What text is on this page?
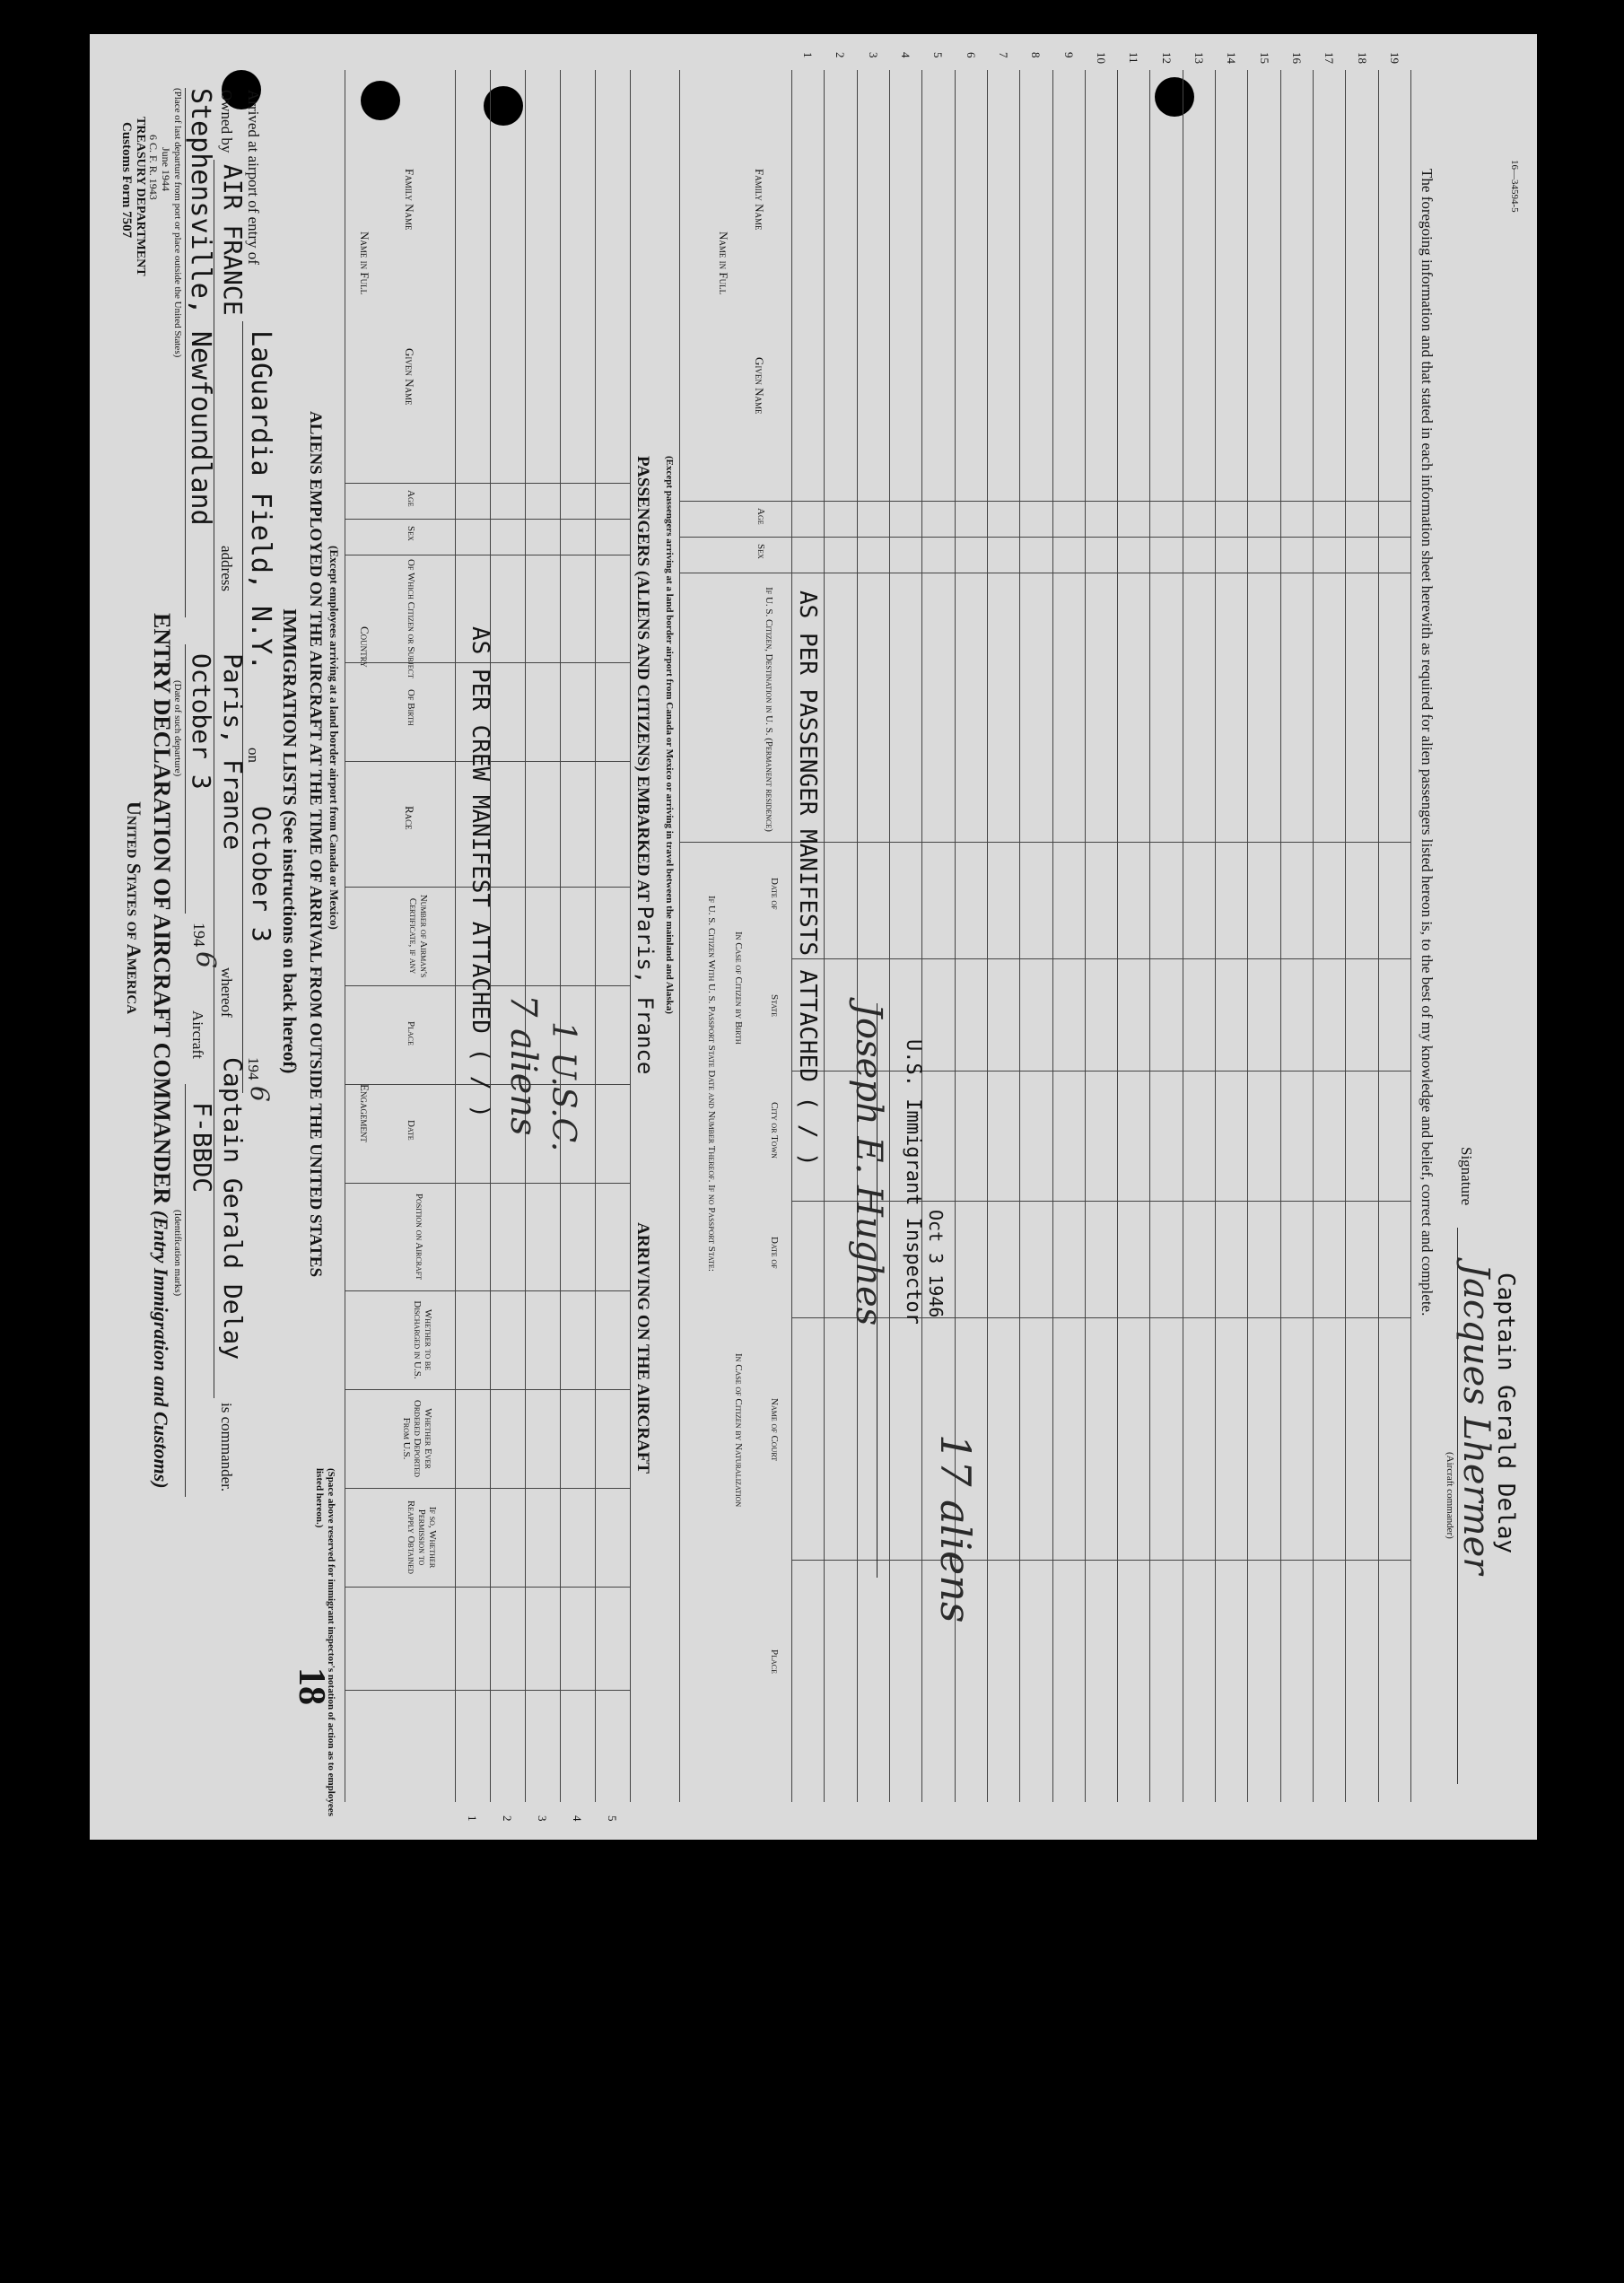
Customs Form 7507 TREASURY DEPARTMENT 6 C. F. R. 1943 June 1944
United States of America ENTRY DECLARATION OF AIRCRAFT COMMANDER (Entry Immigration and Customs)
Stephensville, Newfoundland
(Place of last departure from port or place outside the United States)
October 3
(Date of such departure)
194
6
Aircraft
F-BBDC
(Identification marks)
Owned by
AIR FRANCE
address
Paris, France
whereof
Captain Gerald Delay
is commander.
Arrived at airport of entry of
LaGuardia Field, N.Y.
on
October 3
194
6
IMMIGRATION LISTS (See instructions on back hereof) ALIENS EMPLOYED ON THE AIRCRAFT AT THE TIME OF ARRIVAL FROM OUTSIDE THE UNITED STATES (Except employees arriving at a land border airport from Canada or Mexico)
(Space above reserved for immigrant inspector's notation of action as to employees listed hereon.)
Name in Full
Family Name
Given Name
Age
Sex
Country	Of Which Citizen or Subject
Of Birth
Race
Number of Airman's Certificate, if any
Engagement
Place
Date
Position on Aircraft
Whether to be Discharged in U.S.
Whether Ever Ordered Deported From U.S.
If so, Whether Permission to Reapply Obtained
1 2 3 4 5
AS PER CREW MANIFEST ATTACHED ( / ) 7 aliens 1 U.S.C.
18
PASSENGERS (ALIENS AND CITIZENS) EMBARKED AT Paris, France ARRIVING ON THE AIRCRAFT
(Except passengers arriving at a land border airport from Canada or Mexico or arriving in travel between the mainland and Alaska)
Name in Full
Family Name
Given Name
Age
Sex
If U. S. Citizen, Destination in U. S. (Permanent residence)
If U. S. Citizen With U. S. Passport State Date and Number Thereof. If no Passport State: In Case of Citizen by Birth
In Case of Citizen by Naturalization
Date of
State
City or Town
Date of
Name of Court
Place
1 2 3 4 5 6 7 8 9 10 11 12 13 14 15 16 17 18 19
AS PER PASSENGER MANIFESTS ATTACHED ( / ) Joseph E. Hughes U.S. Immigrant Inspector Oct 3 1946
17 aliens
The foregoing information and that stated in each information sheet herewith as required for alien passengers listed hereon is, to the best of my knowledge and belief, correct and complete. Signature
Jacques Lhermer
(Aircraft commander) Captain Gerald Delay
16—34594-5
